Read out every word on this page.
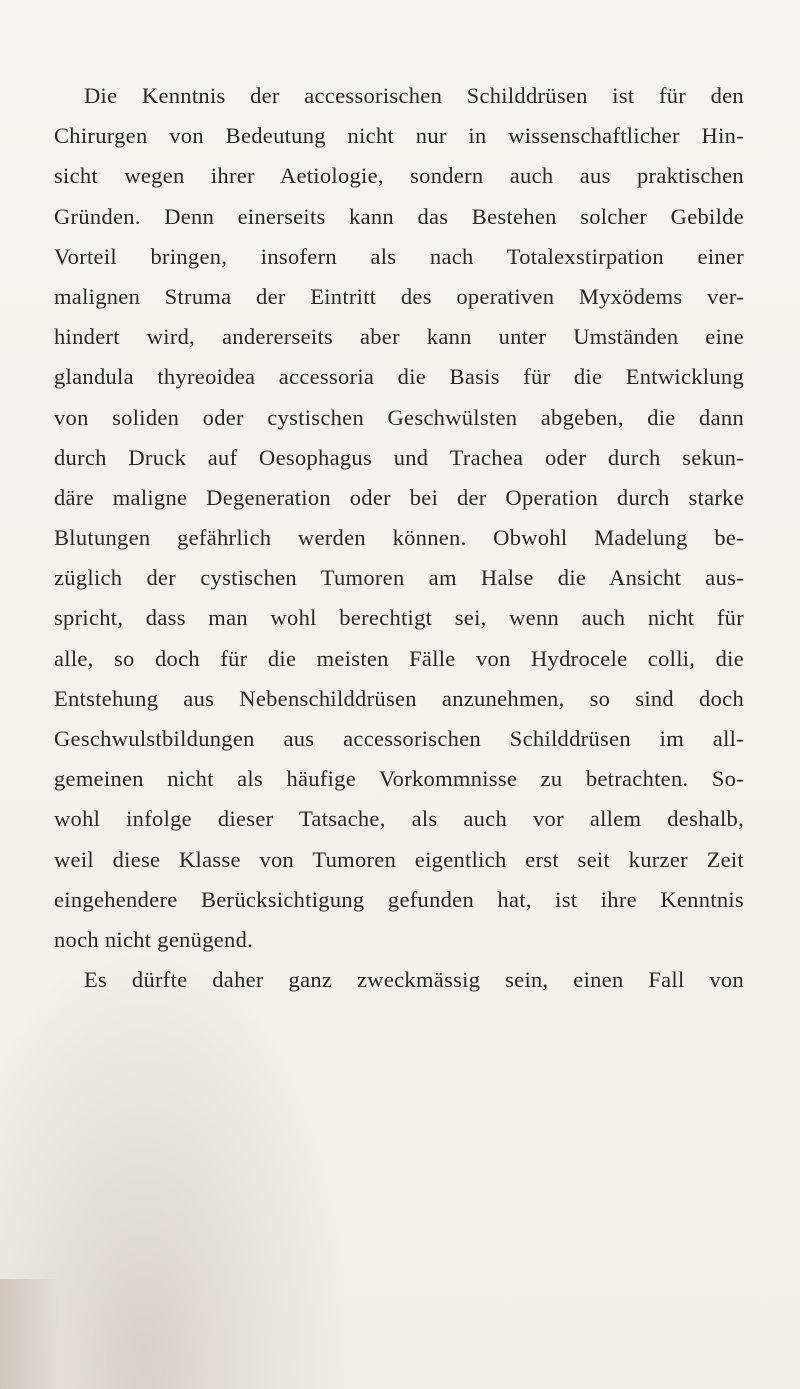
Die Kenntnis der accessorischen Schilddrüsen ist für den
Chirurgen von Bedeutung nicht nur in wissenschaftlicher Hin-
sicht wegen ihrer Aetiologie, sondern auch aus praktischen
Gründen. Denn einerseits kann das Bestehen solcher Gebilde
Vorteil bringen, insofern als nach Totalexstirpation einer
malignen Struma der Eintritt des operativen Myxödems ver-
hindert wird, andererseits aber kann unter Umständen eine
glandula thyreoidea accessoria die Basis für die Entwicklung
von soliden oder cystischen Geschwülsten abgeben, die dann
durch Druck auf Oesophagus und Trachea oder durch sekun-
däre maligne Degeneration oder bei der Operation durch starke
Blutungen gefährlich werden können. Obwohl Madelung be-
züglich der cystischen Tumoren am Halse die Ansicht aus-
spricht, dass man wohl berechtigt sei, wenn auch nicht für
alle, so doch für die meisten Fälle von Hydrocele colli, die
Entstehung aus Nebenschilddrüsen anzunehmen, so sind doch
Geschwulstbildungen aus accessorischen Schilddrüsen im all-
gemeinen nicht als häufige Vorkommnisse zu betrachten. So-
wohl infolge dieser Tatsache, als auch vor allem deshalb,
weil diese Klasse von Tumoren eigentlich erst seit kurzer Zeit
eingehendere Berücksichtigung gefunden hat, ist ihre Kenntnis
noch nicht genügend.
Es dürfte daher ganz zweckmässig sein, einen Fall von
